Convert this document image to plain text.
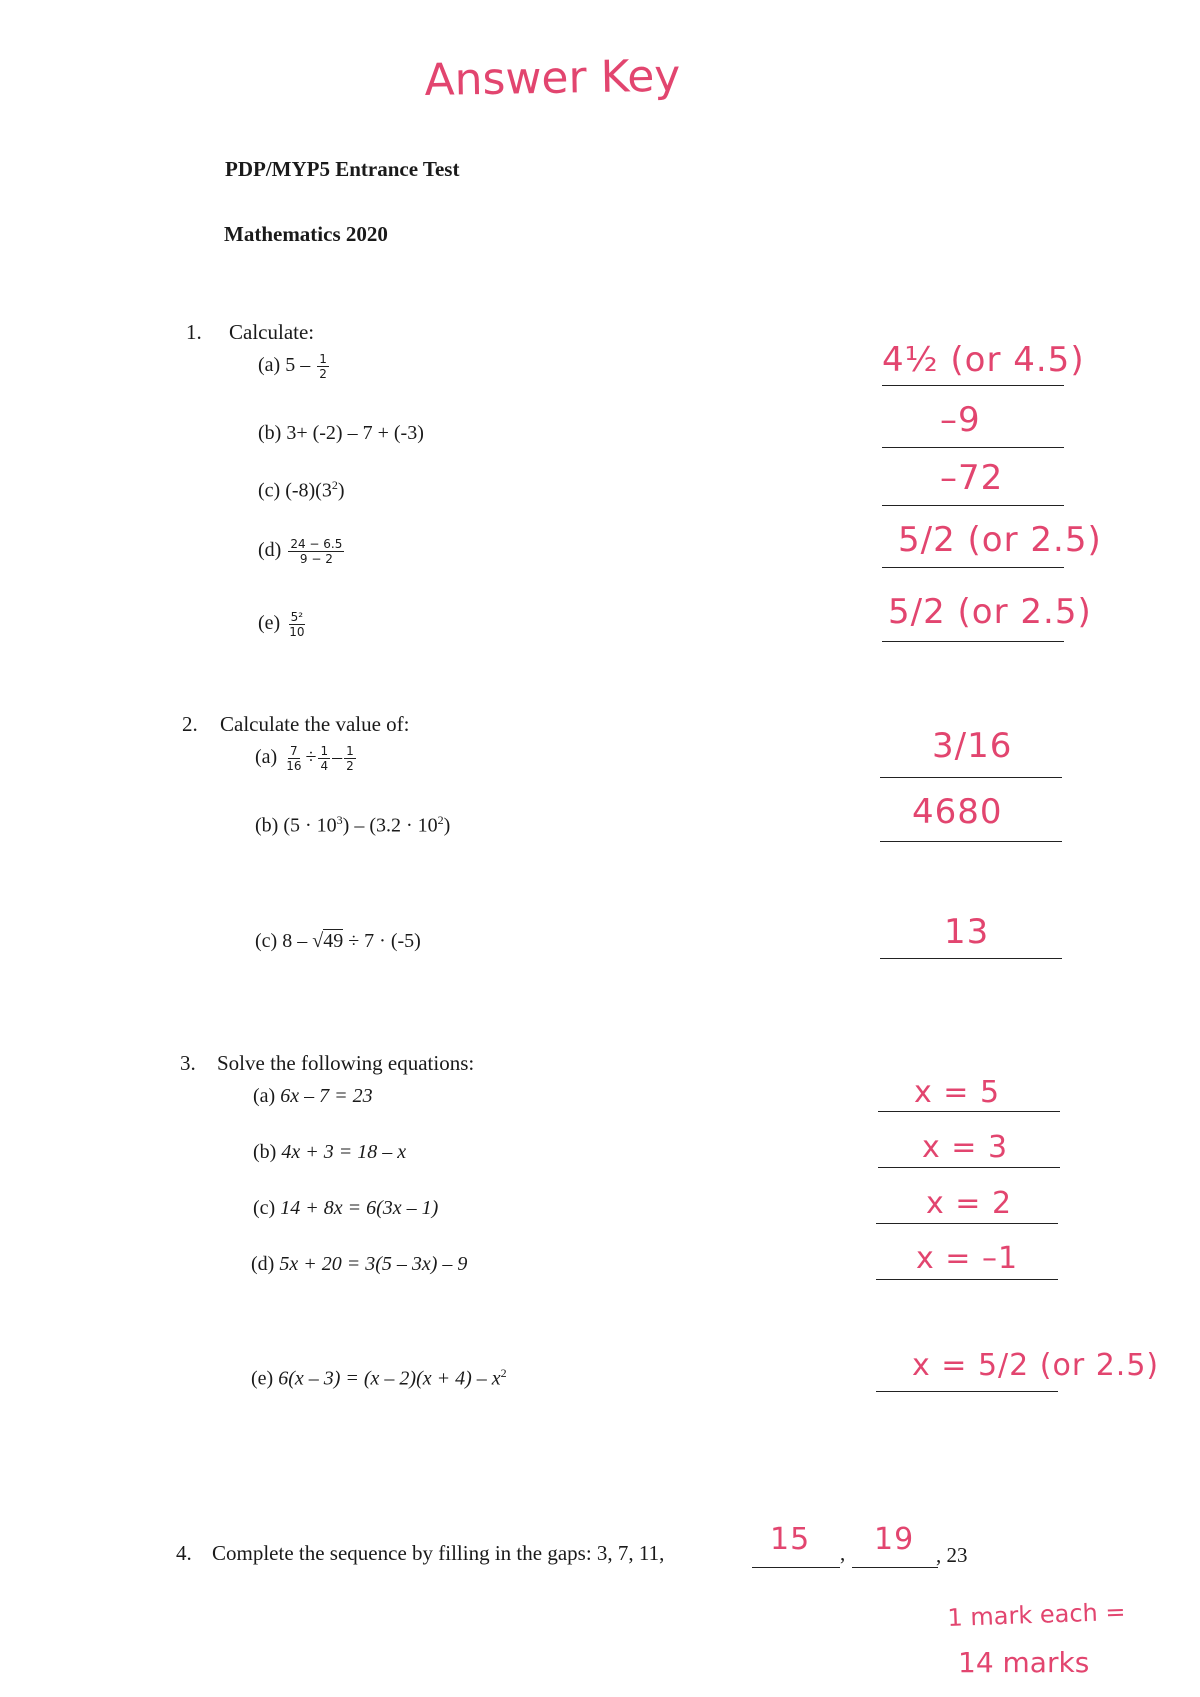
Answer Key
PDP/MYP5 Entrance Test
Mathematics 2020
1. Calculate:
(a) $5 - \frac{1}{2}$	4½ (or 4.5)
(b) 3+ (-2) – 7 + (-3)	–9
(c) $(-8)(3^2)$	–72
$(d) \frac{24 - 6.5}{9 - 2}$	5/2 (or 2.5)
$(e) \frac{\text{5²}}{10}$	5/2 (or 2.5)
2. Calculate the value of:
$(a) \frac{7}{16} \div \frac{1}{4} - \frac{1}{2}$	3/16
(b) $(5 \cdot 10^3) - (3.2 \cdot 10^2)$	4680
(c) 8 – √49 ÷ 7 · (-5)	13
3. Solve the following equations:
(a) 6x – 7 = 23	x = 5
(b) 4x + 3 = 18 – x	x = 3
(c) 14 + 8x = 6(3x – 1)	x = 2
(d) 5x + 20 = 3(5 – 3x) – 9	x = –1
(e) $6(x - 3) = (x - 2)(x + 4) - x^2$	x = 5/2 (or 2.5)
4. Complete the sequence by filling in the gaps: 3, 7, 11,	15 , 19 , 23
1 mark each =
14 marks
